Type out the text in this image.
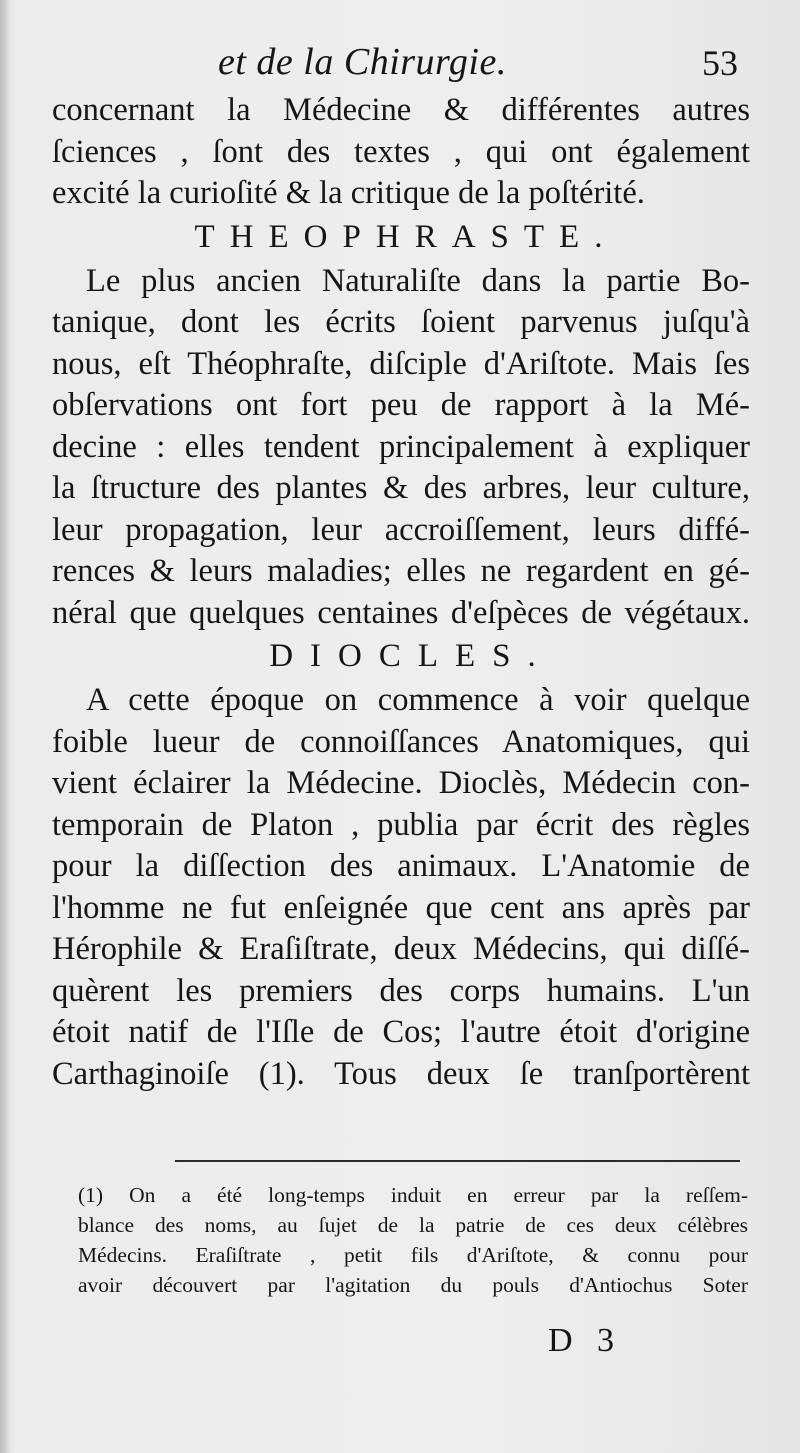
et de la Chirurgie.	53
concernant la Médecine & différentes autres
ſciences , ſont des textes , qui ont également
excité la curioſité & la critique de la poſtérité.
THEOPHRASTE.
Le plus ancien Naturaliſte dans la partie Bo-
tanique, dont les écrits ſoient parvenus juſqu'à
nous, eſt Théophraſte, diſciple d'Ariſtote. Mais ſes
obſervations ont fort peu de rapport à la Mé-
decine : elles tendent principalement à expliquer
la ſtructure des plantes & des arbres, leur culture,
leur propagation, leur accroiſſement, leurs diffé-
rences & leurs maladies; elles ne regardent en gé-
néral que quelques centaines d'eſpèces de végétaux.
DIOCLES.
A cette époque on commence à voir quelque
foible lueur de connoiſſances Anatomiques, qui
vient éclairer la Médecine. Dioclès, Médecin con-
temporain de Platon , publia par écrit des règles
pour la diſſection des animaux. L'Anatomie de
l'homme ne fut enſeignée que cent ans après par
Hérophile & Eraſiſtrate, deux Médecins, qui diſſé-
quèrent les premiers des corps humains. L'un
étoit natif de l'Iſle de Cos; l'autre étoit d'origine
Carthaginoiſe (1). Tous deux ſe tranſportèrent
(1) On a été long-temps induit en erreur par la reſſem-
blance des noms, au ſujet de la patrie de ces deux célèbres
Médecins. Eraſiſtrate , petit fils d'Ariſtote, & connu pour
avoir découvert par l'agitation du pouls d'Antiochus Soter
D 3
